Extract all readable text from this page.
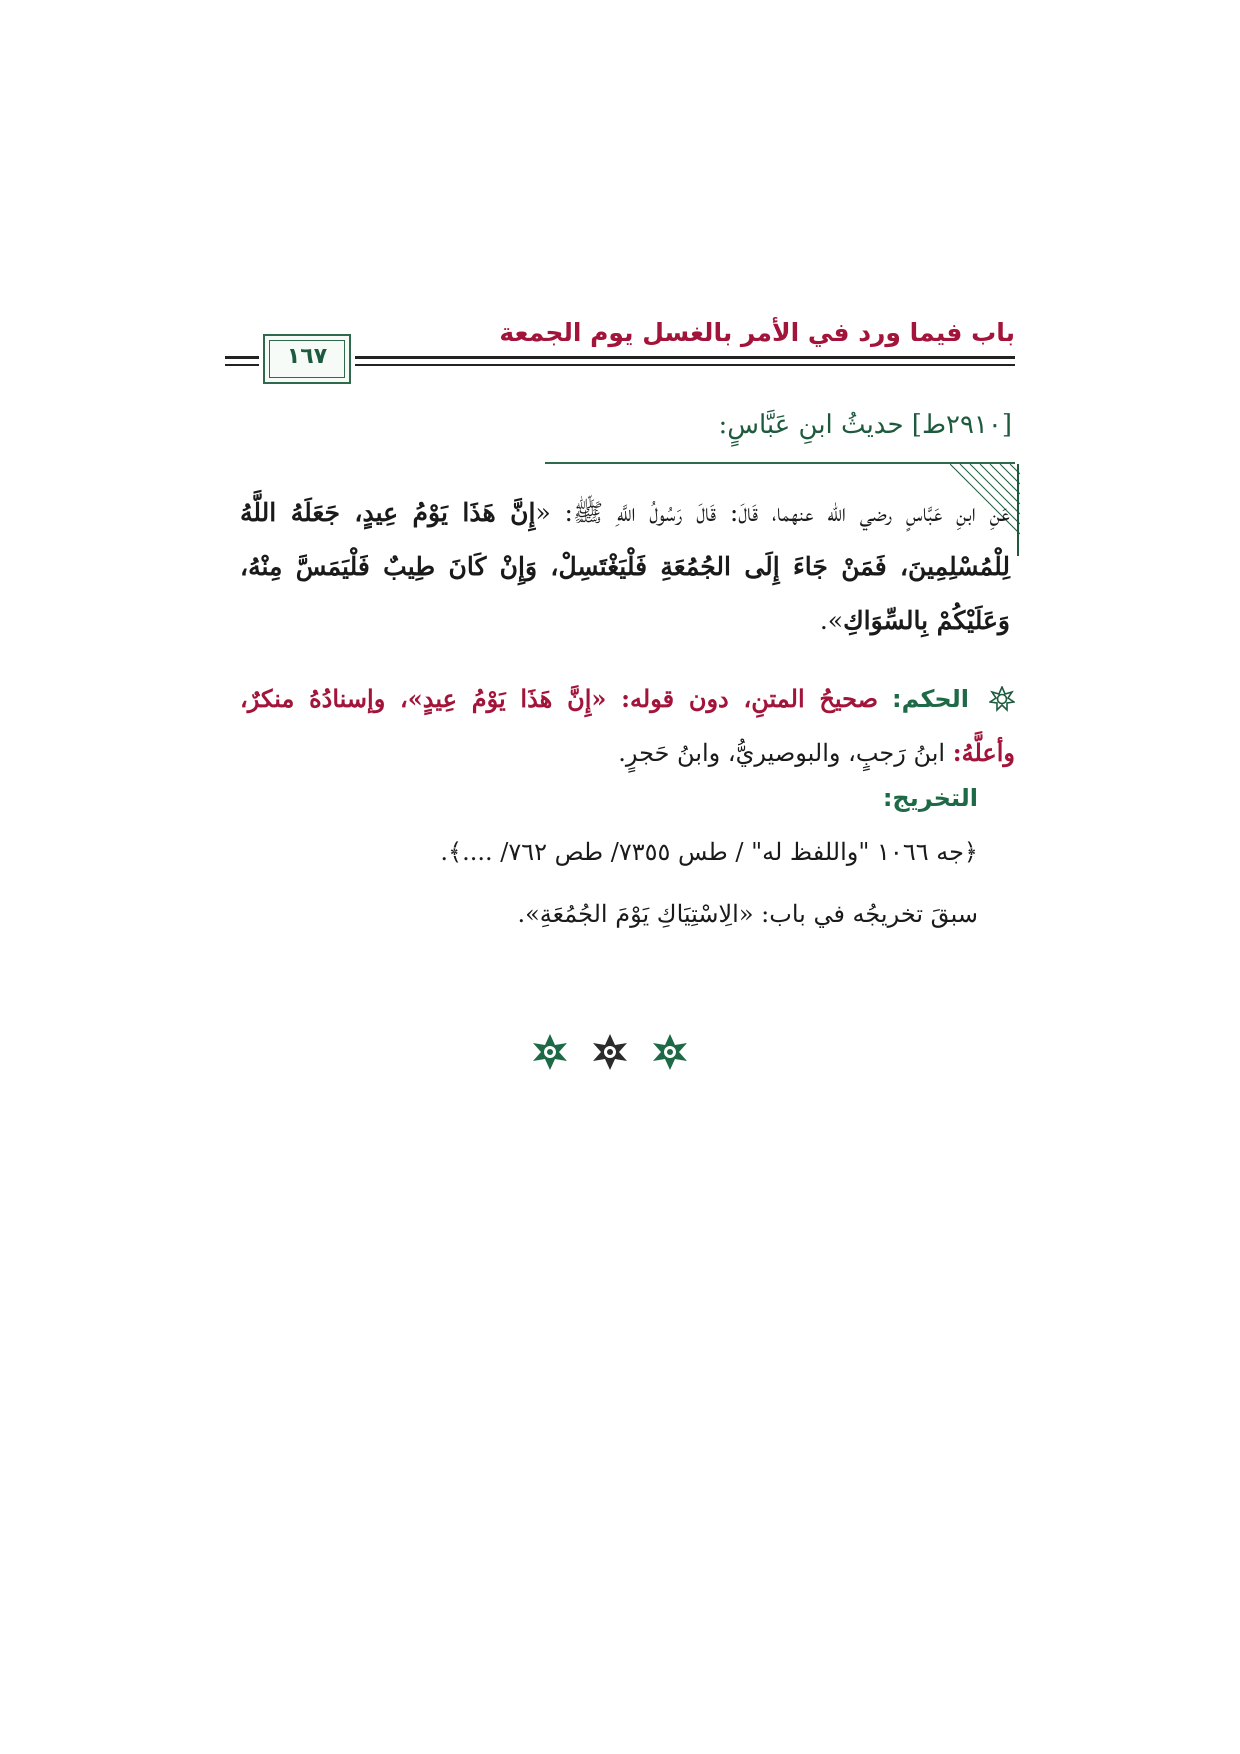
باب فيما ورد في الأمر بالغسل يوم الجمعة
١٦٧
[٢٩١٠ط] حديثُ ابنِ عَبَّاسٍ:
عَنِ ابنِ عَبَّاسٍ رضي الله عنهما، قَالَ: قَالَ رَسُولُ اللَّهِ ﷺ: «إِنَّ هَذَا يَوْمُ عِيدٍ، جَعَلَهُ اللَّهُ لِلْمُسْلِمِينَ، فَمَنْ جَاءَ إِلَى الجُمُعَةِ فَلْيَغْتَسِلْ، وَإِنْ كَانَ طِيبٌ فَلْيَمَسَّ مِنْهُ، وَعَلَيْكُمْ بِالسِّوَاكِ».
الحكم: صحيحُ المتنِ، دون قوله: «إِنَّ هَذَا يَوْمُ عِيدٍ»، وإسنادُهُ منكرٌ، وأعلَّهُ: ابنُ رَجبٍ، والبوصيريُّ، وابنُ حَجرٍ.
التخريج:
﴿جه ١٠٦٦ "واللفظ له" / طس ٧٣٥٥/ طص ٧٦٢/ ....﴾.
سبقَ تخريجُه في باب: «الِاسْتِيَاكِ يَوْمَ الجُمُعَةِ».
